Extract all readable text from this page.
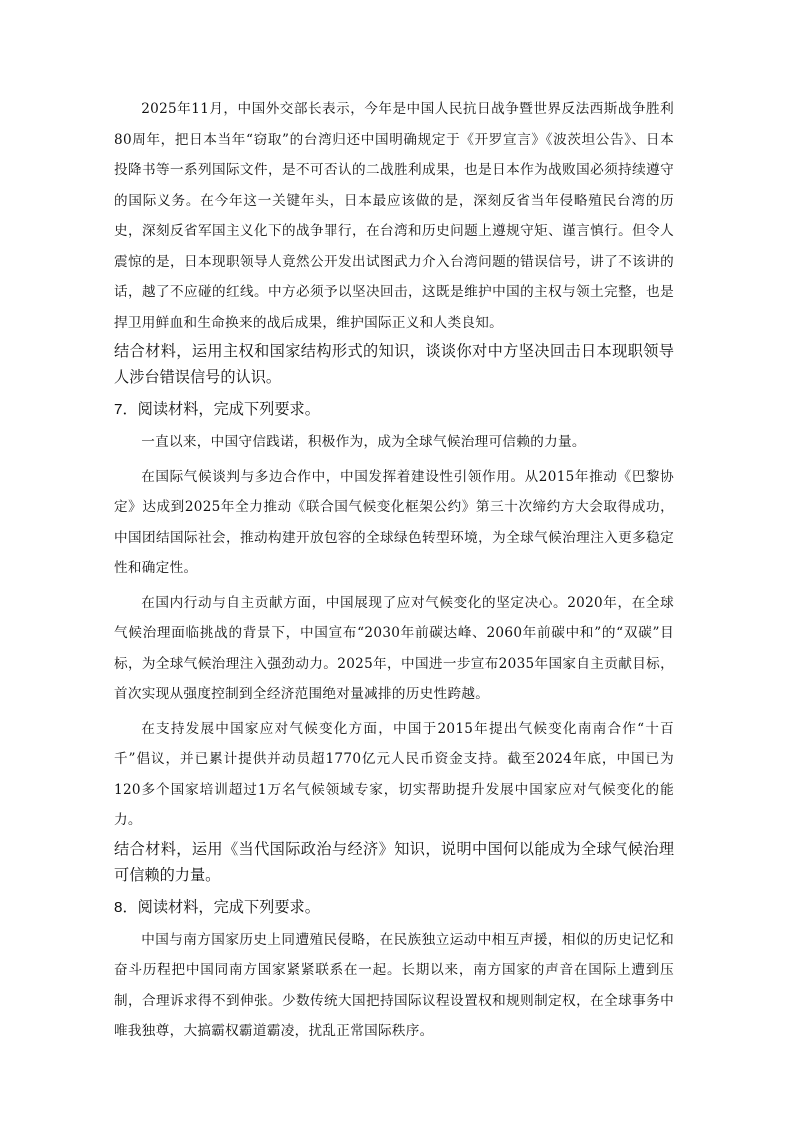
2025年11月，中国外交部长表示，今年是中国人民抗日战争暨世界反法西斯战争胜利80周年，把日本当年“窃取”的台湾归还中国明确规定于《开罗宣言》《波茨坦公告》、日本投降书等一系列国际文件，是不可否认的二战胜利成果，也是日本作为战败国必须持续遵守的国际义务。在今年这一关键年头，日本最应该做的是，深刻反省当年侵略殖民台湾的历史，深刻反省军国主义化下的战争罪行，在台湾和历史问题上遵规守矩、谨言慎行。但令人震惊的是，日本现职领导人竟然公开发出试图武力介入台湾问题的错误信号，讲了不该讲的话，越了不应碰的红线。中方必须予以坚决回击，这既是维护中国的主权与领土完整，也是捍卫用鲜血和生命换来的战后成果，维护国际正义和人类良知。

结合材料，运用主权和国家结构形式的知识，谈谈你对中方坚决回击日本现职领导人涉台错误信号的认识。

7．阅读材料，完成下列要求。

一直以来，中国守信践诺，积极作为，成为全球气候治理可信赖的力量。

在国际气候谈判与多边合作中，中国发挥着建设性引领作用。从2015年推动《巴黎协定》达成到2025年全力推动《联合国气候变化框架公约》第三十次缔约方大会取得成功，中国团结国际社会，推动构建开放包容的全球绿色转型环境，为全球气候治理注入更多稳定性和确定性。

在国内行动与自主贡献方面，中国展现了应对气候变化的坚定决心。2020年，在全球气候治理面临挑战的背景下，中国宣布“2030年前碳达峰、2060年前碳中和”的“双碳”目标，为全球气候治理注入强劲动力。2025年，中国进一步宣布2035年国家自主贡献目标，首次实现从强度控制到全经济范围绝对量减排的历史性跨越。

在支持发展中国家应对气候变化方面，中国于2015年提出气候变化南南合作“十百千”倡议，并已累计提供并动员超1770亿元人民币资金支持。截至2024年底，中国已为120多个国家培训超过1万名气候领域专家，切实帮助提升发展中国家应对气候变化的能力。

结合材料，运用《当代国际政治与经济》知识，说明中国何以能成为全球气候治理可信赖的力量。

8．阅读材料，完成下列要求。

中国与南方国家历史上同遭殖民侵略，在民族独立运动中相互声援，相似的历史记忆和奋斗历程把中国同南方国家紧紧联系在一起。长期以来，南方国家的声音在国际上遭到压制，合理诉求得不到伸张。少数传统大国把持国际议程设置权和规则制定权，在全球事务中唯我独尊，大搞霸权霸道霸凌，扰乱正常国际秩序。
